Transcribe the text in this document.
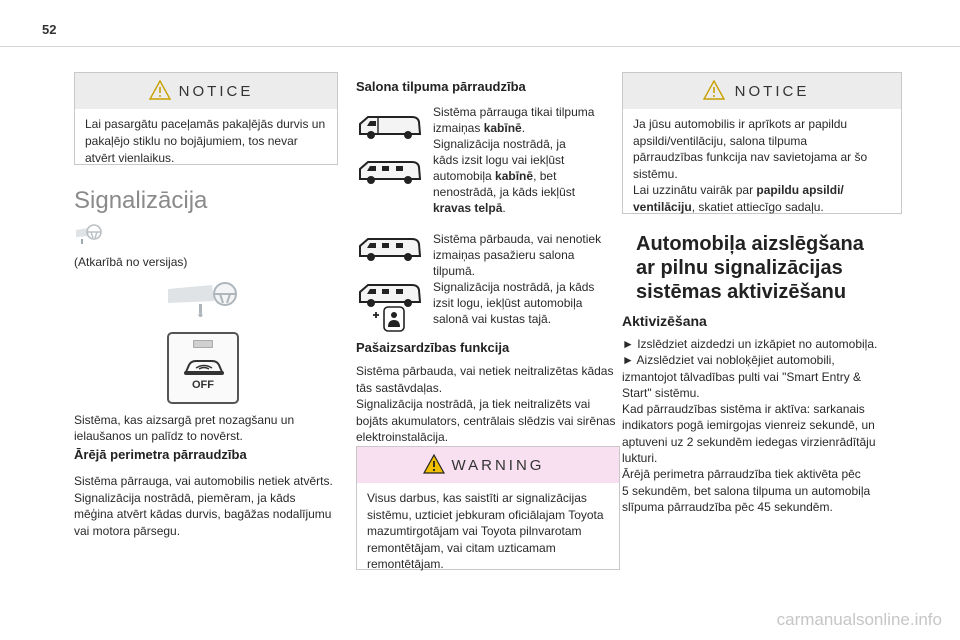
52
NOTICE
Lai pasargātu paceļamās pakaļējās durvis un
pakaļējo stiklu no bojājumiem, tos nevar
atvērt vienlaikus.
Signalizācija
(Atkarībā no versijas)
OFF
Sistēma, kas aizsargā pret nozagšanu un
ielaušanos un palīdz to novērst.
Ārējā perimetra pārraudzība
Sistēma pārrauga, vai automobilis netiek atvērts.
Signalizācija nostrādā, piemēram, ja kāds
mēģina atvērt kādas durvis, bagāžas nodalījumu
vai motora pārsegu.
Salona tilpuma pārraudzība
Sistēma pārrauga tikai tilpuma
izmaiņas kabīnē.
Signalizācija nostrādā, ja
kāds izsit logu vai iekļūst
automobiļa kabīnē, bet
nenostrādā, ja kāds iekļūst
kravas telpā.
Sistēma pārbauda, vai nenotiek
izmaiņas pasažieru salona
tilpumā.
Signalizācija nostrādā, ja kāds
izsit logu, iekļūst automobiļa
salonā vai kustas tajā.
Pašaizsardzības funkcija
Sistēma pārbauda, vai netiek neitralizētas kādas
tās sastāvdaļas.
Signalizācija nostrādā, ja tiek neitralizēts vai
bojāts akumulators, centrālais slēdzis vai sirēnas
elektroinstalācija.
WARNING
Visus darbus, kas saistīti ar signalizācijas
sistēmu, uzticiet jebkuram oficiālajam Toyota
mazumtirgotājam vai Toyota pilnvarotam
remontētājam, vai citam uzticamam
remontētājam.
NOTICE
Ja jūsu automobilis ir aprīkots ar papildu
apsildi/ventilāciju, salona tilpuma
pārraudzības funkcija nav savietojama ar šo
sistēmu.
Lai uzzinātu vairāk par papildu apsildi/
ventilāciju, skatiet attiecīgo sadaļu.
Automobiļa aizslēgšana
ar pilnu signalizācijas
sistēmas aktivizēšanu
Aktivizēšana
► Izslēdziet aizdedzi un izkāpiet no automobiļa.
► Aizslēdziet vai nobloķējiet automobili,
izmantojot tālvadības pulti vai "Smart Entry &
Start" sistēmu.
Kad pārraudzības sistēma ir aktīva: sarkanais
indikators pogā iemirgojas vienreiz sekundē, un
aptuveni uz 2 sekundēm iedegas virzienrādītāju
lukturi.
Ārējā perimetra pārraudzība tiek aktivēta pēc
5 sekundēm, bet salona tilpuma un automobiļa
slīpuma pārraudzība pēc 45 sekundēm.
carmanualsonline.info
